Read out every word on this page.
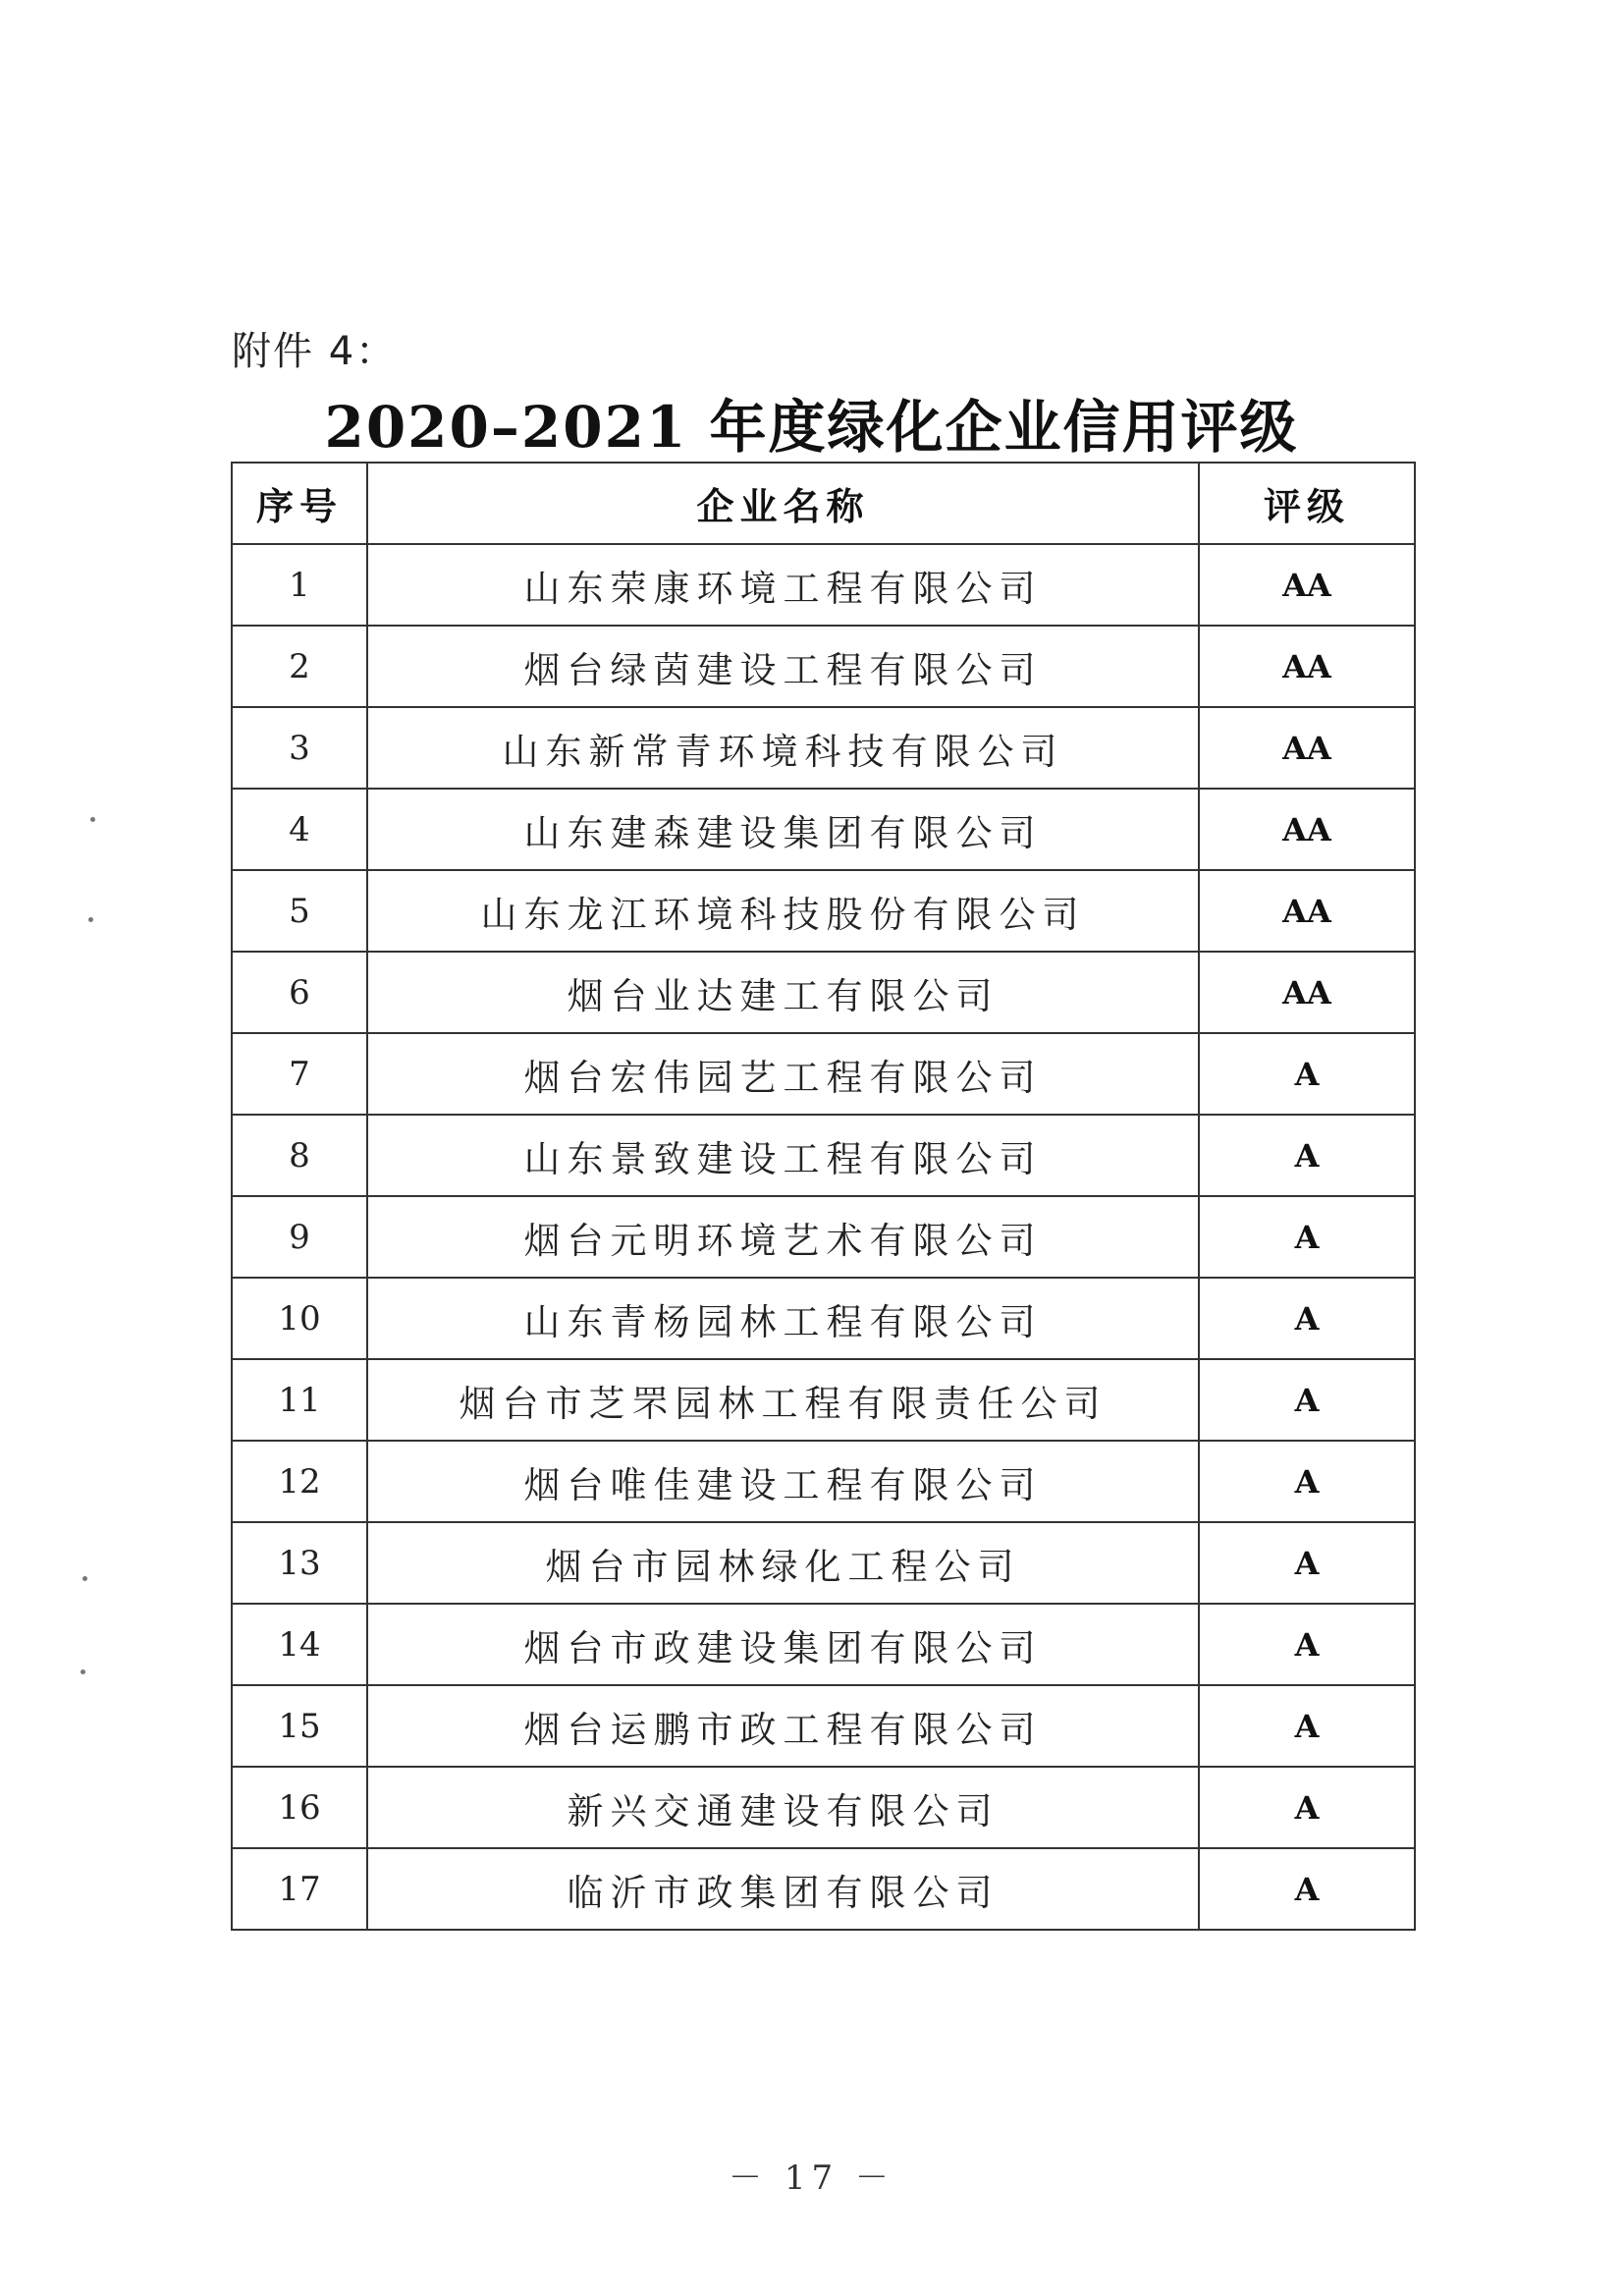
附件 4：
2020–2021 年度绿化企业信用评级
序号	企业名称	评级
1	山东荣康环境工程有限公司	AA
2	烟台绿茵建设工程有限公司	AA
3	山东新常青环境科技有限公司	AA
4	山东建森建设集团有限公司	AA
5	山东龙江环境科技股份有限公司	AA
6	烟台业达建工有限公司	AA
7	烟台宏伟园艺工程有限公司	A
8	山东景致建设工程有限公司	A
9	烟台元明环境艺术有限公司	A
10	山东青杨园林工程有限公司	A
11	烟台市芝罘园林工程有限责任公司	A
12	烟台唯佳建设工程有限公司	A
13	烟台市园林绿化工程公司	A
14	烟台市政建设集团有限公司	A
15	烟台运鹏市政工程有限公司	A
16	新兴交通建设有限公司	A
17	临沂市政集团有限公司	A
－ 17 －
